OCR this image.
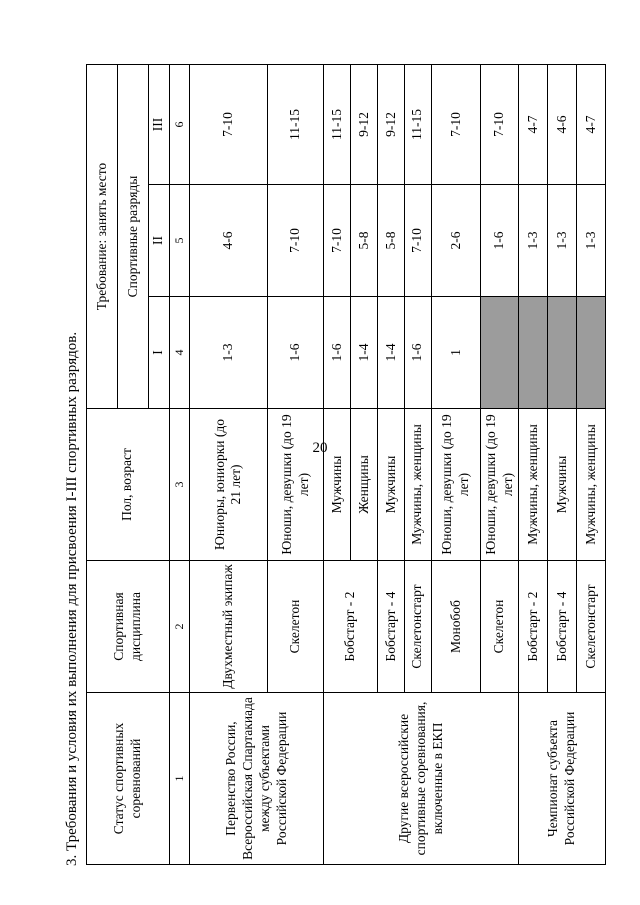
20
3. Требования и условия их выполнения для присвоения I-III спортивных разрядов. Статус спортивных соревнований	Спортивная дисциплина	Пол, возраст	Требование: занять место		
			Спортивные разряды		
			I	II	III
1	2	3	4	5	6
Первенство России, Всероссийская Спартакиада между субъектами Российской Федерации	Двухместный экипаж	Юниоры, юниорки (до 21 лет)	1-3	4-6	7-10
	Скелетон	Юноши, девушки (до 19 лет)	1-6	7-10	11-15
Другие всероссийские спортивные соревнования, включенные в ЕКП	Бобстарт - 2	Мужчины	1-6	7-10	11-15
		Женщины	1-4	5-8	9-12
	Бобстарт - 4	Мужчины	1-4	5-8	9-12
	Скелетонстарт	Мужчины, женщины	1-6	7-10	11-15
	Монобоб	Юноши, девушки (до 19 лет)	1	2-6	7-10
	Скелетон	Юноши, девушки (до 19 лет)		1-6	7-10
Чемпионат субъекта Российской Федерации	Бобстарт - 2	Мужчины, женщины		1-3	4-7
	Бобстарт - 4	Мужчины		1-3	4-6
	Скелетонстарт	Мужчины, женщины		1-3	4-7
